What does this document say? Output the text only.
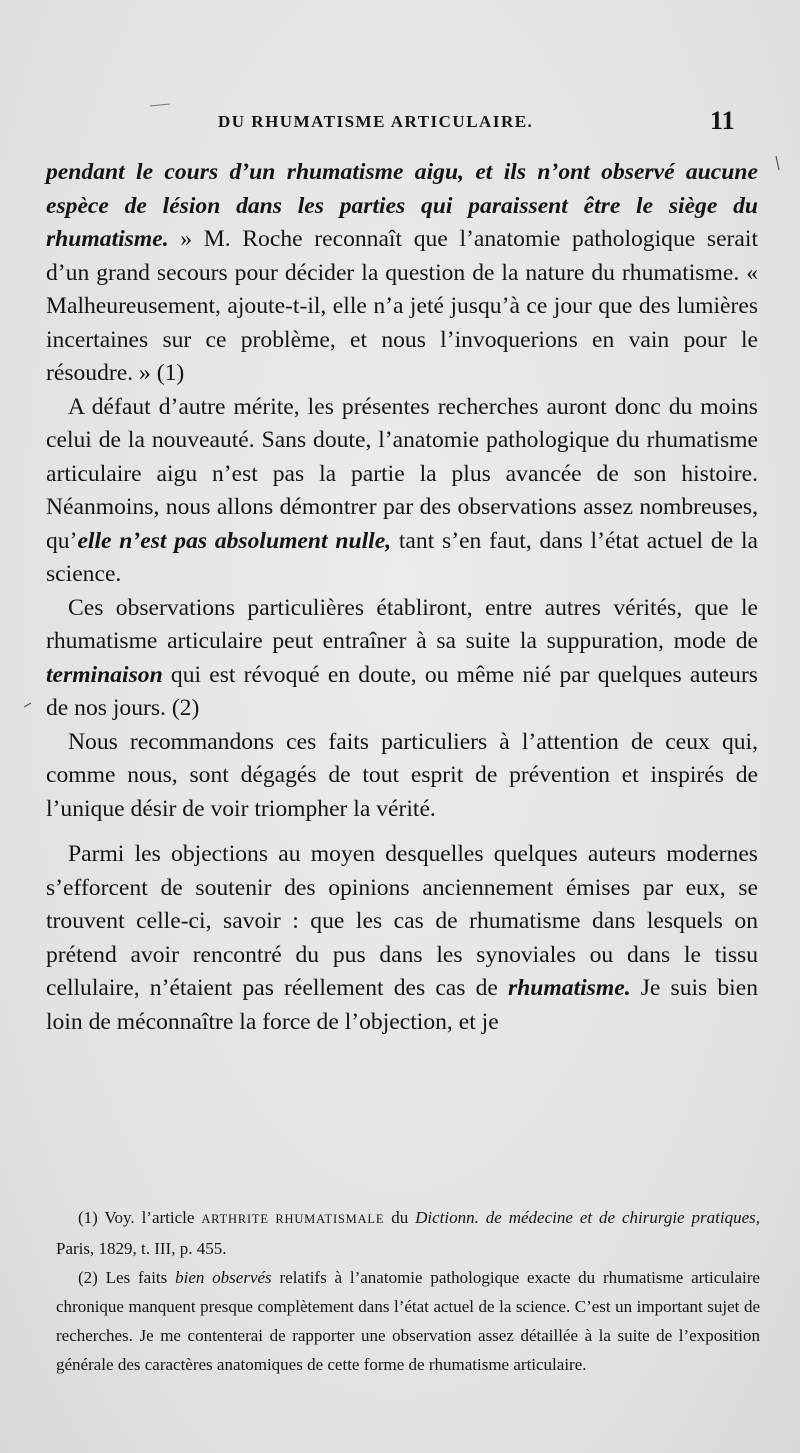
DU RHUMATISME ARTICULAIRE.	11

pendant le cours d’un rhumatisme aigu, et ils n’ont observé aucune espèce de lésion dans les parties qui paraissent être le siège du rhumatisme. » M. Roche reconnaît que l’anatomie pathologique serait d’un grand secours pour décider la question de la nature du rhumatisme. « Malheureusement, ajoute-t-il, elle n’a jeté jusqu’à ce jour que des lumières incertaines sur ce problème, et nous l’invoquerions en vain pour le résoudre. » (1)

A défaut d’autre mérite, les présentes recherches auront donc du moins celui de la nouveauté. Sans doute, l’anatomie pathologique du rhumatisme articulaire aigu n’est pas la partie la plus avancée de son histoire. Néanmoins, nous allons démontrer par des observations assez nombreuses, qu’elle n’est pas absolument nulle, tant s’en faut, dans l’état actuel de la science.

Ces observations particulières établiront, entre autres vérités, que le rhumatisme articulaire peut entraîner à sa suite la suppuration, mode de terminaison qui est révoqué en doute, ou même nié par quelques auteurs de nos jours. (2)

Nous recommandons ces faits particuliers à l’attention de ceux qui, comme nous, sont dégagés de tout esprit de prévention et inspirés de l’unique désir de voir triompher la vérité.

Parmi les objections au moyen desquelles quelques auteurs modernes s’efforcent de soutenir des opinions anciennement émises par eux, se trouvent celle-ci, savoir : que les cas de rhumatisme dans lesquels on prétend avoir rencontré du pus dans les synoviales ou dans le tissu cellulaire, n’étaient pas réellement des cas de rhumatisme. Je suis bien loin de méconnaître la force de l’objection, et je

(1) Voy. l’article ARTHRITE RHUMATISMALE du Dictionn. de médecine et de chirurgie pratiques, Paris, 1829, t. III, p. 455.

(2) Les faits bien observés relatifs à l’anatomie pathologique exacte du rhumatisme articulaire chronique manquent presque complètement dans l’état actuel de la science. C’est un important sujet de recherches. Je me contenterai de rapporter une observation assez détaillée à la suite de l’exposition générale des caractères anatomiques de cette forme de rhumatisme articulaire.
